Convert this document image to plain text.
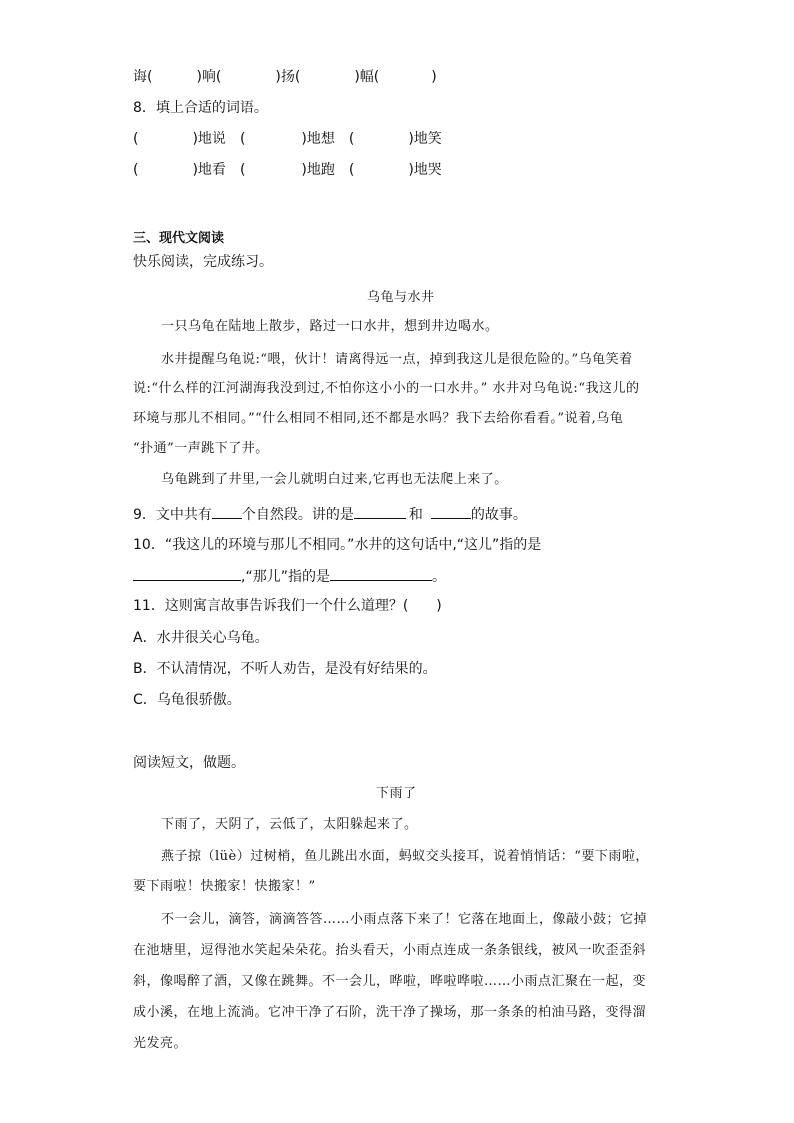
诲(	)响(	)扬(	)幅(	)
8．填上合适的词语。
(	)地说 (	)地想 (	)地笑
(	)地看 (	)地跑 (	)地哭
三、现代文阅读
快乐阅读，完成练习。
乌龟与水井
一只乌龟在陆地上散步，路过一口水井，想到井边喝水。
水井提醒乌龟说:“喂，伙计！请离得远一点，掉到我这儿是很危险的。”乌龟笑着
说:“什么样的江河湖海我没到过,不怕你这小小的一口水井。” 水井对乌龟说:“我这儿的
环境与那儿不相同。”“什么相同不相同,还不都是水吗？我下去给你看看。”说着,乌龟
“扑通”一声跳下了井。
乌龟跳到了井里,一会儿就明白过来,它再也无法爬上来了。
9．文中共有 个自然段。讲的是	和	的故事。
10．“我这儿的环境与那儿不相同。”水井的这句话中,“这儿”指的是
,“那儿”指的是	。
11．这则寓言故事告诉我们一个什么道理？(　　)
A．水井很关心乌龟。
B．不认清情况，不听人劝告，是没有好结果的。
C．乌龟很骄傲。
阅读短文，做题。
下雨了
下雨了，天阴了，云低了，太阳躲起来了。
燕子掠（lüè）过树梢，鱼儿跳出水面，蚂蚁交头接耳，说着悄悄话：“要下雨啦，
要下雨啦！快搬家！快搬家！”
不一会儿，滴答，滴滴答答……小雨点落下来了！它落在地面上，像敲小鼓；它掉
在池塘里，逗得池水笑起朵朵花。抬头看天，小雨点连成一条条银线，被风一吹歪歪斜
斜，像喝醉了酒，又像在跳舞。不一会儿，哗啦，哗啦哗啦……小雨点汇聚在一起，变
成小溪，在地上流淌。它冲干净了石阶，洗干净了操场，那一条条的柏油马路，变得溜
光发亮。
